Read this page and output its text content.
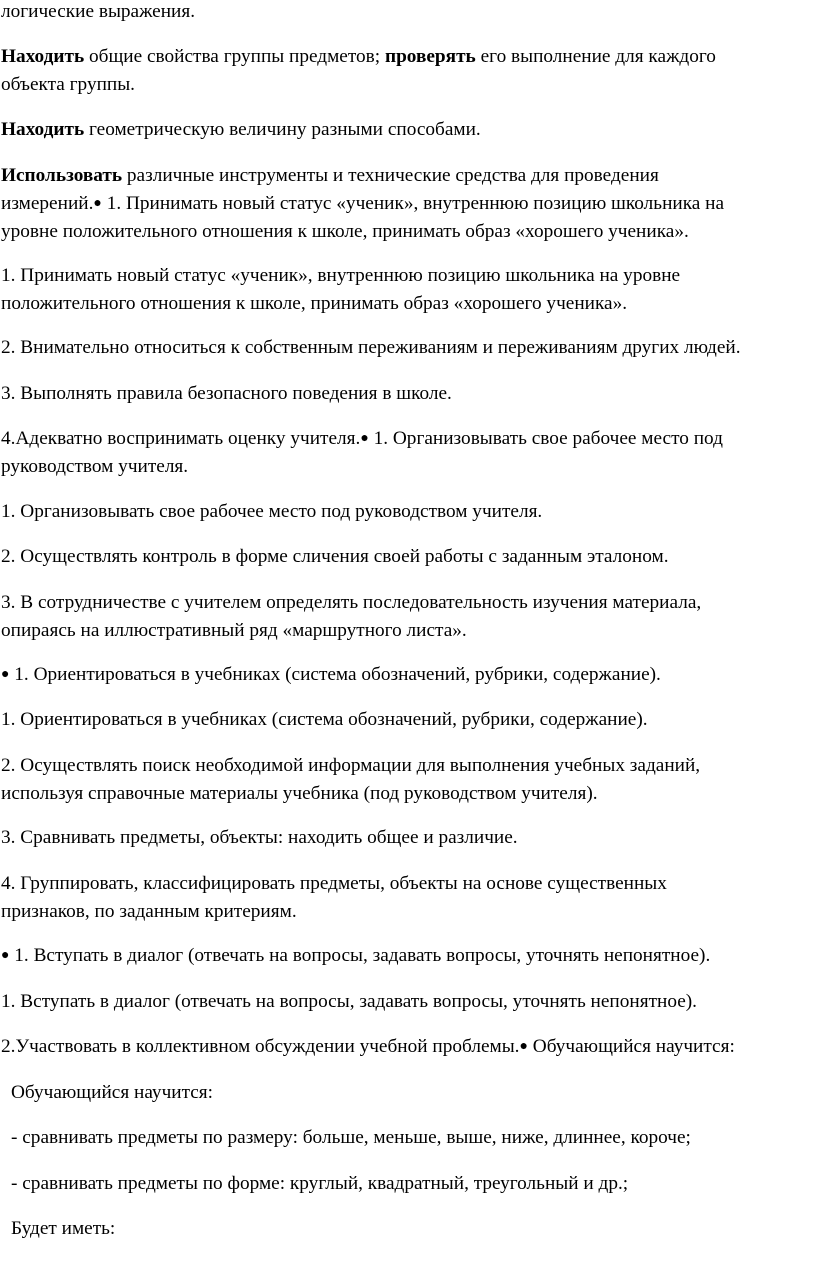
логические выражения.
Находить общие свойства группы предметов; проверять его выполнение для каждого
объекта группы.
Находить геометрическую величину разными способами.
Использовать различные инструменты и технические средства для проведения
измерений.● 1. Принимать новый статус «ученик», внутреннюю позицию школьника на
уровне положительного отношения к школе, принимать образ «хорошего ученика».
1. Принимать новый статус «ученик», внутреннюю позицию школьника на уровне
положительного отношения к школе, принимать образ «хорошего ученика».
2. Внимательно относиться к собственным переживаниям и переживаниям других людей.
3. Выполнять правила безопасного поведения в школе.
4.Адекватно воспринимать оценку учителя.● 1. Организовывать свое рабочее место под
руководством учителя.
1. Организовывать свое рабочее место под руководством учителя.
2. Осуществлять контроль в форме сличения своей работы с заданным эталоном.
3. В сотрудничестве с учителем определять последовательность изучения материала,
опираясь на иллюстративный ряд «маршрутного листа».
● 1. Ориентироваться в учебниках (система обозначений, рубрики, содержание).
1. Ориентироваться в учебниках (система обозначений, рубрики, содержание).
2. Осуществлять поиск необходимой информации для выполнения учебных заданий,
используя справочные материалы учебника (под руководством учителя).
3. Сравнивать предметы, объекты: находить общее и различие.
4. Группировать, классифицировать предметы, объекты на основе существенных
признаков, по заданным критериям.
● 1. Вступать в диалог (отвечать на вопросы, задавать вопросы, уточнять непонятное).
1. Вступать в диалог (отвечать на вопросы, задавать вопросы, уточнять непонятное).
2.Участвовать в коллективном обсуждении учебной проблемы.● Обучающийся научится:
Обучающийся научится:
- сравнивать предметы по размеру: больше, меньше, выше, ниже, длиннее, короче;
- сравнивать предметы по форме: круглый, квадратный, треугольный и др.;
Будет иметь:
